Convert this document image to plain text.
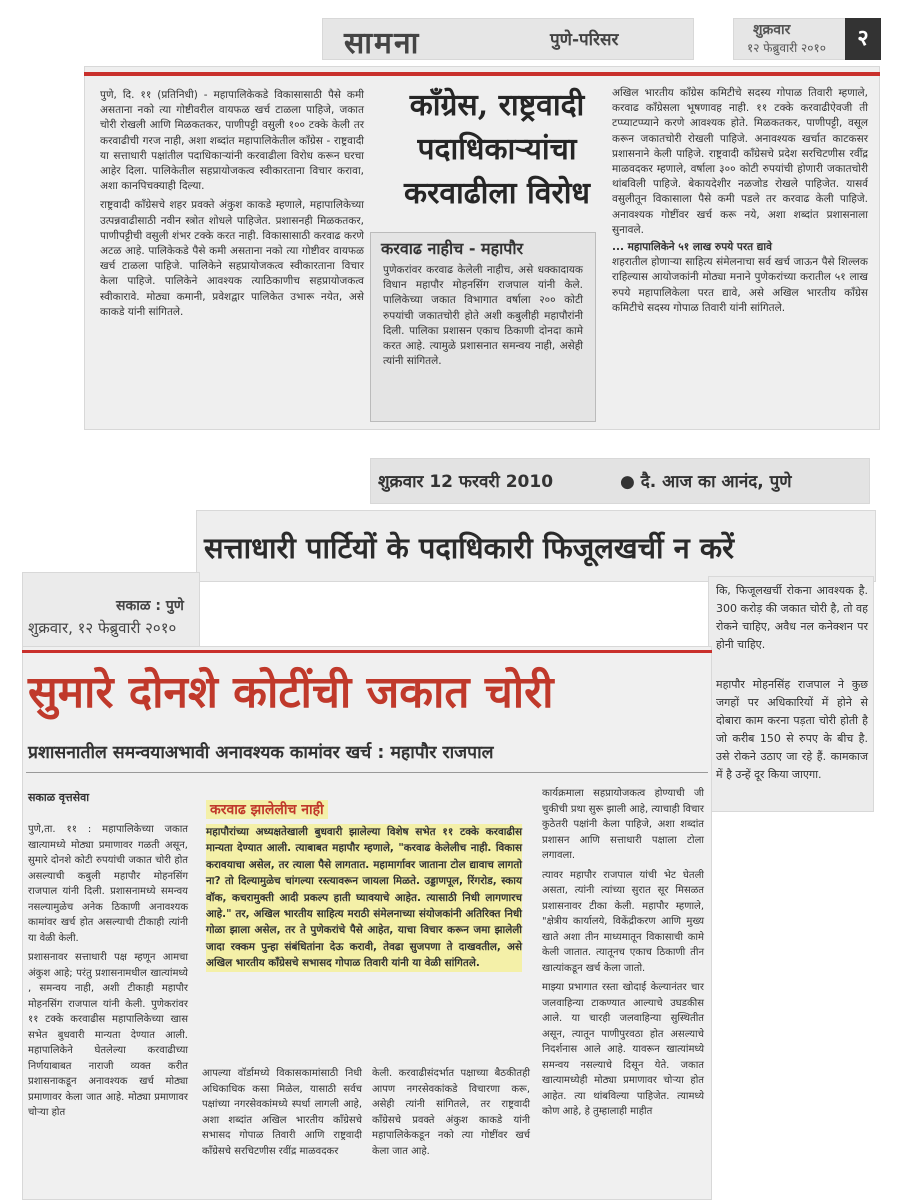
सामना	पुणे-परिसर	शुक्रवार
१२ फेब्रुवारी २०१०	२

पुणे, दि. ११ (प्रतिनिधी) - महापालिकेकडे विकासासाठी पैसे कमी असताना नको त्या गोष्टीवरील वायफळ खर्च टाळला पाहिजे, जकात चोरी रोखली आणि मिळकतकर, पाणीपट्टी वसुली १०० टक्के केली तर करवाढीची गरज नाही, अशा शब्दांत महापालिकेतील काँग्रेस - राष्ट्रवादी या सत्ताधारी पक्षांतील पदाधिकाऱ्यांनी करवाढीला विरोध करून घरचा आहेर दिला. पालिकेतील सहप्रायोजकत्व स्वीकारताना विचार करावा, अशा कानपिचक्याही दिल्या.

राष्ट्रवादी काँग्रेसचे शहर प्रवक्ते अंकुश काकडे म्हणाले, महापालिकेच्या उत्पन्नवाढीसाठी नवीन स्त्रोत शोधले पाहिजेत. प्रशासनही मिळकतकर, पाणीपट्टीची वसुली शंभर टक्के करत नाही. विकासासाठी करवाढ करणे अटळ आहे. पालिकेकडे पैसे कमी असताना नको त्या गोष्टीवर वायफळ खर्च टाळला पाहिजे. पालिकेने सहप्रायोजकत्व स्वीकारताना विचार केला पाहिजे. पालिकेने आवश्यक त्याठिकाणीच सहप्रायोजकत्व स्वीकारावे. मोठ्या कमानी, प्रवेशद्वार पालिकेत उभारू नयेत, असे काकडे यांनी सांगितले.

काँग्रेस, राष्ट्रवादी
पदाधिकाऱ्यांचा
करवाढीला विरोध
करवाढ नाहीच - महापौर

पुणेकरांवर करवाढ केलेली नाहीच, असे धक्कादायक विधान महापौर मोहनसिंग राजपाल यांनी केले. पालिकेच्या जकात विभागात वर्षाला २०० कोटी रुपयांची जकातचोरी होते अशी कबुलीही महापौरांनी दिली. पालिका प्रशासन एकाच ठिकाणी दोनदा कामे करत आहे. त्यामुळे प्रशासनात समन्वय नाही, असेही त्यांनी सांगितले.

अखिल भारतीय काँग्रेस कमिटीचे सदस्य गोपाळ तिवारी म्हणाले, करवाढ काँग्रेसला भूषणावह नाही. ११ टक्के करवाढीऐवजी ती टप्प्याटप्प्याने करणे आवश्यक होते. मिळकतकर, पाणीपट्टी, वसूल करून जकातचोरी रोखली पाहिजे. अनावश्यक खर्चात काटकसर प्रशासनाने केली पाहिजे. राष्ट्रवादी काँग्रेसचे प्रदेश सरचिटणीस रवींद्र माळवदकर म्हणाले, वर्षाला ३०० कोटी रुपयांची होणारी जकातचोरी थांबविली पाहिजे. बेकायदेशीर नळजोड रोखले पाहिजेत. यासर्व वसुलीतून विकासाला पैसे कमी पडले तर करवाढ केली पाहिजे. अनावश्यक गोष्टींवर खर्च करू नये, अशा शब्दांत प्रशासनाला सुनावले.

... महापालिकेने ५१ लाख रुपये परत द्यावे

शहरातील होणाऱ्या साहित्य संमेलनाचा सर्व खर्च जाऊन पैसे शिल्लक राहिल्यास आयोजकांनी मोठ्या मनाने पुणेकरांच्या करातील ५१ लाख रुपये महापालिकेला परत द्यावे, असे अखिल भारतीय काँग्रेस कमिटीचे सदस्य गोपाळ तिवारी यांनी सांगितले.

शुक्रवार 12 फरवरी 2010	● दै. आज का आनंद, पुणे
सत्ताधारी पार्टियों के पदाधिकारी फिजूलखर्ची न करें

कि, फिजूलखर्ची रोकना आवश्यक है. 300 करोड़ की जकात चोरी है, तो वह रोकने चाहिए, अवैध नल कनेक्शन पर होनी चाहिए.

महापौर मोहनसिंह राजपाल ने कुछ जगहों पर अधिकारियों में होने से दोबारा काम करना पड़ता चोरी होती है जो करीब 150 से रुपए के बीच है. उसे रोकने उठाए जा रहे हैं. कामकाज में है उन्हें दूर किया जाएगा.

सकाळ : पुणे
शुक्रवार, १२ फेब्रुवारी २०१०
सुमारे दोनशे कोटींची जकात चोरी
प्रशासनातील समन्वयाअभावी अनावश्यक कामांवर खर्च : महापौर राजपाल
सकाळ वृत्तसेवा

पुणे,ता. ११ : महापालिकेच्या जकात खात्यामध्ये मोठ्या प्रमाणावर गळती असून, सुमारे दोनशे कोटी रुपयांची जकात चोरी होत असल्याची कबुली महापौर मोहनसिंग राजपाल यांनी दिली. प्रशासनामध्ये समन्वय नसल्यामुळेच अनेक ठिकाणी अनावश्यक कामांवर खर्च होत असल्याची टीकाही त्यांनी या वेळी केली.

प्रशासनावर सत्ताधारी पक्ष म्हणून आमचा अंकुश आहे; परंतु प्रशासनामधील खात्यांमध्ये , समन्वय नाही, अशी टीकाही महापौर मोहनसिंग राजपाल यांनी केली. पुणेकरांवर ११ टक्के करवाढीस महापालिकेच्या खास सभेत बुधवारी मान्यता देण्यात आली. महापालिकेने घेतलेल्या करवाढीच्या निर्णयाबाबत नाराजी व्यक्त करीत प्रशासनाकडून अनावश्यक खर्च मोठ्या प्रमाणावर केला जात आहे. मोठ्या प्रमाणावर चोऱ्या होत

करवाढ झालेलीच नाही

महापौरांच्या अध्यक्षतेखाली बुधवारी झालेल्या विशेष सभेत ११ टक्के करवाढीस मान्यता देण्यात आली. त्याबाबत महापौर म्हणाले, "करवाढ केलेलीच नाही. विकास करावयाचा असेल, तर त्याला पैसे लागतात. महामार्गावर जाताना टोल द्यावाच लागतो ना? तो दिल्यामुळेच चांगल्या रस्त्यावरून जायला मिळते. उड्डाणपूल, रिंगरोड, स्काय वॉक, कचरामुक्ती आदी प्रकल्प हाती घ्यावयाचे आहेत. त्यासाठी निधी लागणारच आहे." तर, अखिल भारतीय साहित्य मराठी संमेलनाच्या संयोजकांनी अतिरिक्त निधी गोळा झाला असेल, तर ते पुणेकरांचे पैसे आहेत, याचा विचार करून जमा झालेली जादा रक्कम पुन्हा संबंधितांना देऊ करावी, तेवढा सुजपणा ते दाखवतील, असे अखिल भारतीय काँग्रेसचे सभासद गोपाळ तिवारी यांनी या वेळी सांगितले.

आपल्या वॉर्डामध्ये विकासकामांसाठी निधी अधिकाधिक कसा मिळेल, यासाठी सर्वच पक्षांच्या नगरसेवकांमध्ये स्पर्धा लागली आहे, अशा शब्दांत अखिल भारतीय काँग्रेसचे सभासद गोपाळ तिवारी आणि राष्ट्रवादी काँग्रेसचे सरचिटणीस रवींद्र माळवदकर

केली. करवाढीसंदर्भात पक्षाच्या बैठकीतही आपण नगरसेवकांकडे विचारणा करू, असेही त्यांनी सांगितले, तर राष्ट्रवादी काँग्रेसचे प्रवक्ते अंकुश काकडे यांनी महापालिकेकडून नको त्या गोष्टींवर खर्च केला जात आहे.

कार्यक्रमाला सहप्रायोजकत्व होण्याची जी चुकीची प्रथा सुरू झाली आहे, त्याचाही विचार कुठेतरी पक्षांनी केला पाहिजे, अशा शब्दांत प्रशासन आणि सत्ताधारी पक्षाला टोला लगावला.

त्यावर महापौर राजपाल यांची भेट घेतली असता, त्यांनी त्यांच्या सुरात सूर मिसळत प्रशासनावर टीका केली. महापौर म्हणाले, "क्षेत्रीय कार्यालये, विकेंद्रीकरण आणि मुख्य खाते अशा तीन माध्यमातून विकासाची कामे केली जातात. त्यातूनच एकाच ठिकाणी तीन खात्यांकडून खर्च केला जातो.

माझ्या प्रभागात रस्ता खोदाई केल्यानंतर चार जलवाहिन्या टाकण्यात आल्याचे उघडकीस आले. या चारही जलवाहिन्या सुस्थितीत असून, त्यातून पाणीपुरवठा होत असल्याचे निदर्शनास आले आहे. यावरून खात्यांमध्ये समन्वय नसल्याचे दिसून येते. जकात खात्यामध्येही मोठ्या प्रमाणावर चोऱ्या होत आहेत. त्या थांबविल्या पाहिजेत. त्यामध्ये कोण आहे, हे तुम्हालाही माहीत
